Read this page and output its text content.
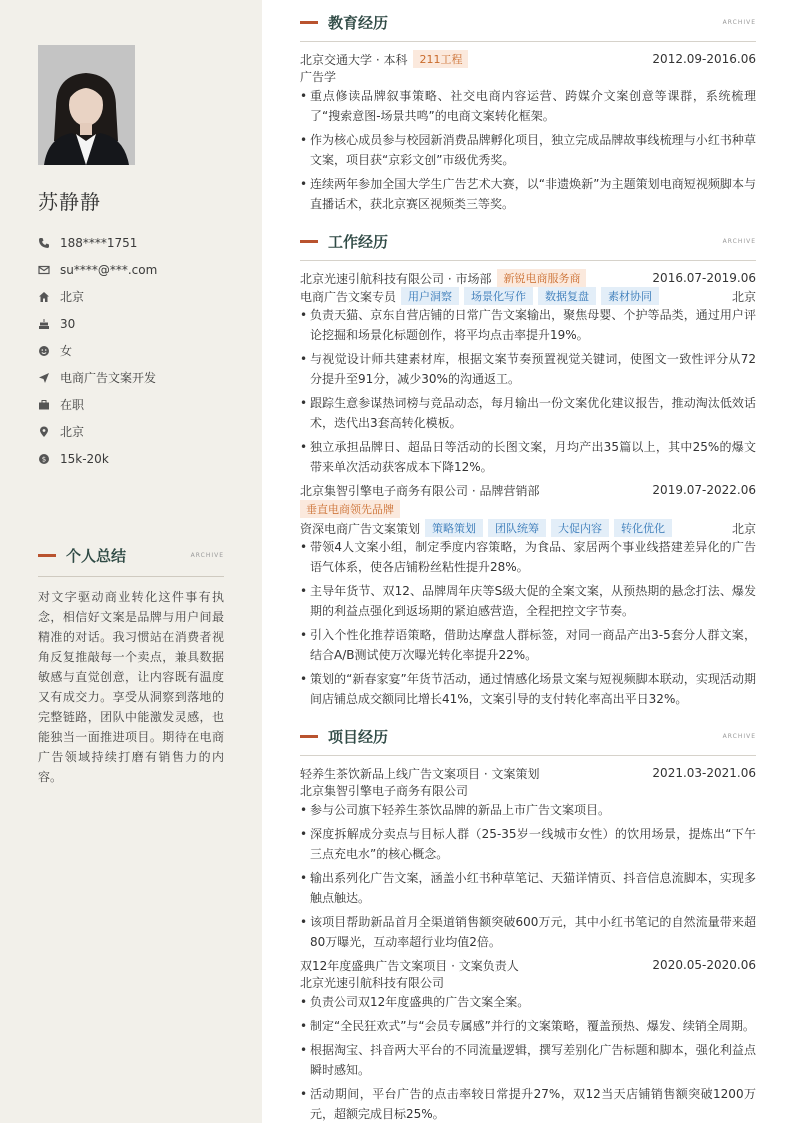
苏静静
188****1751
su****@***.com
北京
30
女
电商广告文案开发
在职
北京
$ 15k-20k
个人总结	ARCHIVE
对文字驱动商业转化这件事有执念，相信好文案是品牌与用户间最精准的对话。我习惯站在消费者视角反复推敲每一个卖点，兼具数据敏感与直觉创意，让内容既有温度又有成交力。享受从洞察到落地的完整链路，团队中能激发灵感，也能独当一面推进项目。期待在电商广告领域持续打磨有销售力的内容。
教育经历	ARCHIVE
北京交通大学 · 本科	211工程	2012.09-2016.06
广告学
• 重点修读品牌叙事策略、社交电商内容运营、跨媒介文案创意等课群，系统梳理了“搜索意图-场景共鸣”的电商文案转化框架。
• 作为核心成员参与校园新消费品牌孵化项目，独立完成品牌故事线梳理与小红书种草文案，项目获“京彩文创”市级优秀奖。
• 连续两年参加全国大学生广告艺术大赛，以“非遗焕新”为主题策划电商短视频脚本与直播话术，获北京赛区视频类三等奖。
工作经历	ARCHIVE
北京光速引航科技有限公司 · 市场部	新锐电商服务商	2016.07-2019.06
电商广告文案专员	用户洞察	场景化写作	数据复盘	素材协同	北京
• 负责天猫、京东自营店铺的日常广告文案输出，聚焦母婴、个护等品类，通过用户评论挖掘和场景化标题创作，将平均点击率提升19%。
• 与视觉设计师共建素材库，根据文案节奏预置视觉关键词，使图文一致性评分从72分提升至91分，减少30%的沟通返工。
• 跟踪生意参谋热词榜与竞品动态，每月输出一份文案优化建议报告，推动淘汰低效话术，迭代出3套高转化模板。
• 独立承担品牌日、超品日等活动的长图文案，月均产出35篇以上，其中25%的爆文带来单次活动获客成本下降12%。
北京集智引擎电子商务有限公司 · 品牌营销部	2019.07-2022.06
垂直电商领先品牌
资深电商广告文案策划	策略策划	团队统筹	大促内容	转化优化	北京
• 带领4人文案小组，制定季度内容策略，为食品、家居两个事业线搭建差异化的广告语气体系，使各店铺粉丝粘性提升28%。
• 主导年货节、双12、品牌周年庆等S级大促的全案文案，从预热期的悬念打法、爆发期的利益点强化到返场期的紧迫感营造，全程把控文字节奏。
• 引入个性化推荐语策略，借助达摩盘人群标签，对同一商品产出3-5套分人群文案，结合A/B测试使万次曝光转化率提升22%。
• 策划的“新春家宴”年货节活动，通过情感化场景文案与短视频脚本联动，实现活动期间店铺总成交额同比增长41%，文案引导的支付转化率高出平日32%。
项目经历	ARCHIVE
轻养生茶饮新品上线广告文案项目 · 文案策划	2021.03-2021.06
北京集智引擎电子商务有限公司
• 参与公司旗下轻养生茶饮品牌的新品上市广告文案项目。
• 深度拆解成分卖点与目标人群（25-35岁一线城市女性）的饮用场景，提炼出“下午三点充电水”的核心概念。
• 输出系列化广告文案，涵盖小红书种草笔记、天猫详情页、抖音信息流脚本，实现多触点触达。
• 该项目帮助新品首月全渠道销售额突破600万元，其中小红书笔记的自然流量带来超80万曝光，互动率超行业均值2倍。
双12年度盛典广告文案项目 · 文案负责人	2020.05-2020.06
北京光速引航科技有限公司
• 负责公司双12年度盛典的广告文案全案。
• 制定“全民狂欢式”与“会员专属感”并行的文案策略，覆盖预热、爆发、续销全周期。
• 根据淘宝、抖音两大平台的不同流量逻辑，撰写差别化广告标题和脚本，强化利益点瞬时感知。
• 活动期间，平台广告的点击率较日常提升27%，双12当天店铺销售额突破1200万元，超额完成目标25%。
